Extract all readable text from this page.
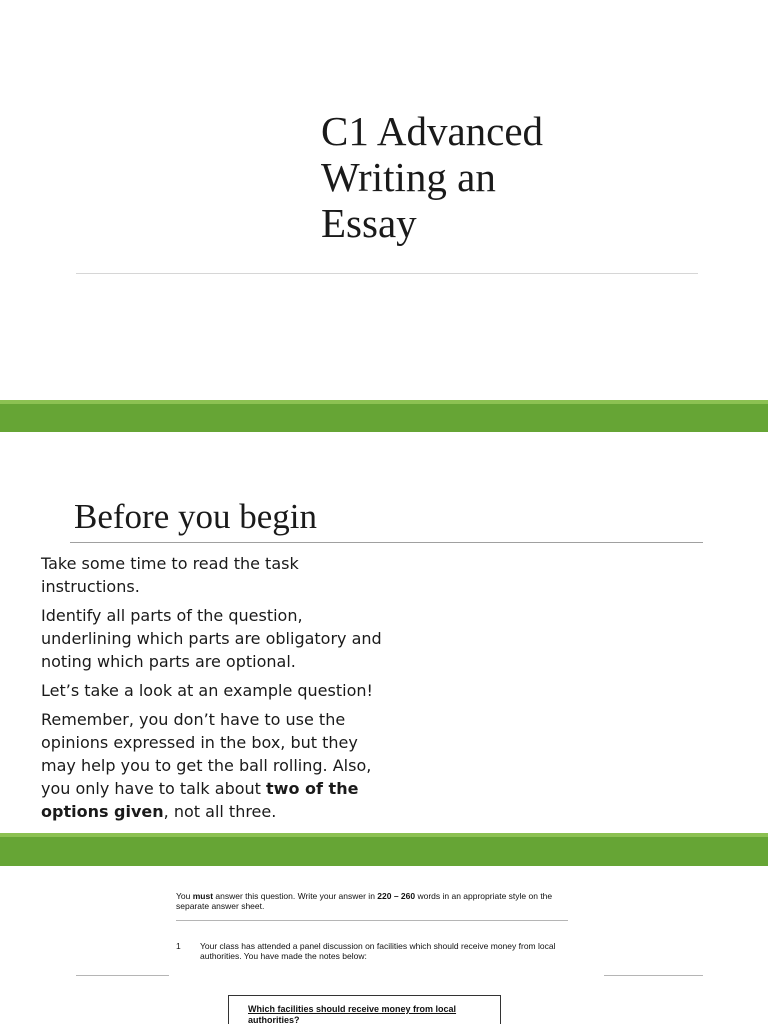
C1 Advanced
Writing an
Essay
Before you begin

Take some time to read the task instructions.

Identify all parts of the question, underlining which parts are obligatory and noting which parts are optional.

Let’s take a look at an example question!

Remember, you don’t have to use the opinions expressed in the box, but they may help you to get the ball rolling. Also, you only have to talk about two of the options given, not all three.

You must answer this question. Write your answer in 220 – 260 words in an appropriate style on the separate answer sheet.
1 Your class has attended a panel discussion on facilities which should receive money from local authorities. You have made the notes below:
Which facilities should receive money from local authorities?
